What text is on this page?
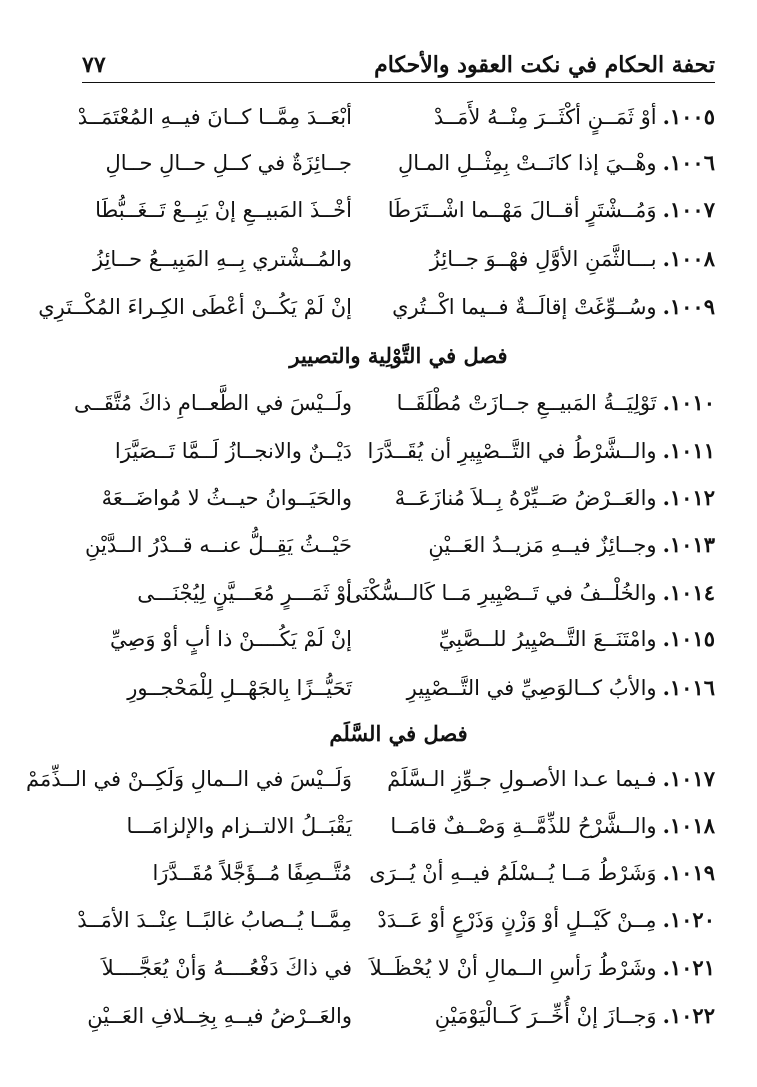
تحفة الحكام في نكت العقود والأحكام
٧٧
١٠٠٥.أوْ ثَمَــنٍ أكْثَــرَ مِنْــهُ لأَمَــدْ
أبْعَــدَ مِمَّــا كــانَ فيــهِ المُعْتَمَــدْ
١٠٠٦.وهْــيَ إذا كانَــتْ بِمِثْــلِ المـالِ
جــائِزَةٌ في كــلِ حــالِ حــالِ
١٠٠٧.وَمُــشْتَرٍ أقــالَ مَهْــما اشْــتَرَطَا
أخْــذَ المَبيــعِ إنْ يَبِــعْ تَــغَــبُّطَا
١٠٠٨.بـــالثَّمَنِ الأوَّلِ فهْــوَ جــائِزُ
والمُــشْتري بِــهِ المَبِيــعُ حــائِزُ
١٠٠٩.وسُــوِّغَتْ إقالَــةٌ فــيما اكْــتُري
إنْ لَمْ يَكُــنْ أعْطَى الكِـراءَ المُكْــتَرِي
فصل في التَّوْلِية والتصيير
١٠١٠.تَوْلِيَــةُ المَبيــعِ جــازَتْ مُطْلَقَــا
ولَــيْسَ في الطَّعــامِ ذاكَ مُتَّقَــى
١٠١١.والــشَّرْطُ في التَّــصْيِيرِ أن يُقَــدَّرَا
دَيْــنٌ والانجــازُ لَــمَّا تَــصَيَّرَا
١٠١٢.والعَــرْضُ صَــيِّرْهُ بِــلاَ مُنازَعَــهْ
والحَيَــوانُ حيــثُ لا مُواضَــعَهْ
١٠١٣.وجــائِزٌ فيــهِ مَزيــدُ العَــيْنِ
حَيْــثُ يَقِــلُّ عنــه قــدْرُ الــدَّيْنِ
١٠١٤.والخُلْــفُ في تَــصْيِيرِ مَــا كَالــسُّكْنَى
أوْ ثَمَـــرٍ مُعَـــيَّنٍ لِيُجْنَـــى
١٠١٥.وامْتَنَــعَ التَّــصْيِيرُ للــصَّبِيِّ
إنْ لَمْ يَكُــــنْ ذا أبٍ أوْ وَصِيِّ
١٠١٦.والأبُ كــالوَصِيِّ في التَّــصْيِيرِ
تَحَيُّــزًا بِالجَهْــلِ لِلْمَحْجــورِ
فصل في السَّلَم
١٠١٧.فـيما عـدا الأصـولِ جـوِّزِ الـسَّلَمْ
وَلَــيْسَ في الــمالِ وَلَكِــنْ في الــذِّمَمْ
١٠١٨.والــشَّرْحُ للذِّمَّــةِ وَصْــفٌ قامَــا
يَقْبَــلُ الالتــزام والإلزامَـــا
١٠١٩.وَشَرْطُ مَــا يُــسْلَمُ فيــهِ أنْ يُــرَى
مُتَّــصِفًا مُــؤَجَّلاً مُقَــدَّرَا
١٠٢٠.مِــنْ كَيْــلٍ أوْ وَزْنٍ وَذَرْعٍ أوْ عَــدَدْ
مِمَّــا يُــصابُ غالبًــا عِنْــدَ الأمَــدْ
١٠٢١.وشَرْطُ رَأسِ الــمالِ أنْ لا يُحْظَــلاَ
في ذاكَ دَفْعُــــهُ وَأنْ يُعَجَّــــلاَ
١٠٢٢.وَجــازَ إنْ أُخِّــرَ كَــالْيَوْمَيْنِ
والعَــرْضُ فيــهِ بِخِــلافِ العَــيْنِ
